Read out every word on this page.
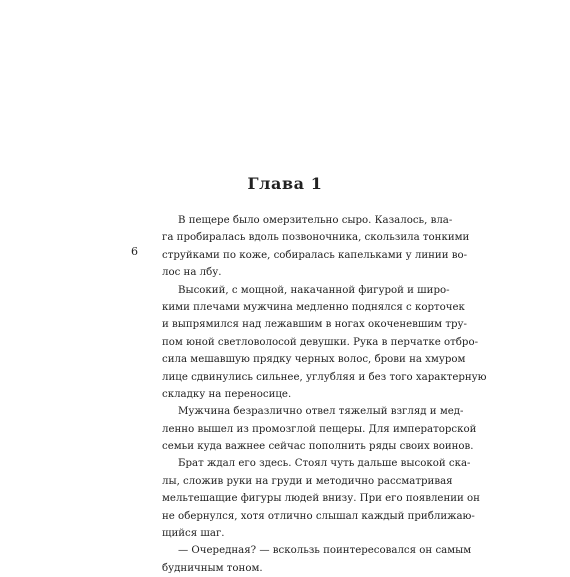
Глава 1
6
В пещере было омерзительно сыро. Казалось, вла-
га пробиралась вдоль позвоночника, скользила тонкими
струйками по коже, собиралась капельками у линии во-
лос на лбу.
Высокий, с мощной, накачанной фигурой и широ-
кими плечами мужчина медленно поднялся с корточек
и выпрямился над лежавшим в ногах окоченевшим тру-
пом юной светловолосой девушки. Рука в перчатке отбро-
сила мешавшую прядку черных волос, брови на хмуром
лице сдвинулись сильнее, углубляя и без того характерную
складку на переносице.
Мужчина безразлично отвел тяжелый взгляд и мед-
ленно вышел из промозглой пещеры. Для императорской
семьи куда важнее сейчас пополнить ряды своих воинов.
Брат ждал его здесь. Стоял чуть дальше высокой ска-
лы, сложив руки на груди и методично рассматривая
мельтешащие фигуры людей внизу. При его появлении он
не обернулся, хотя отлично слышал каждый приближаю-
щийся шаг.
— Очередная? — вскользь поинтересовался он самым
будничным тоном.
